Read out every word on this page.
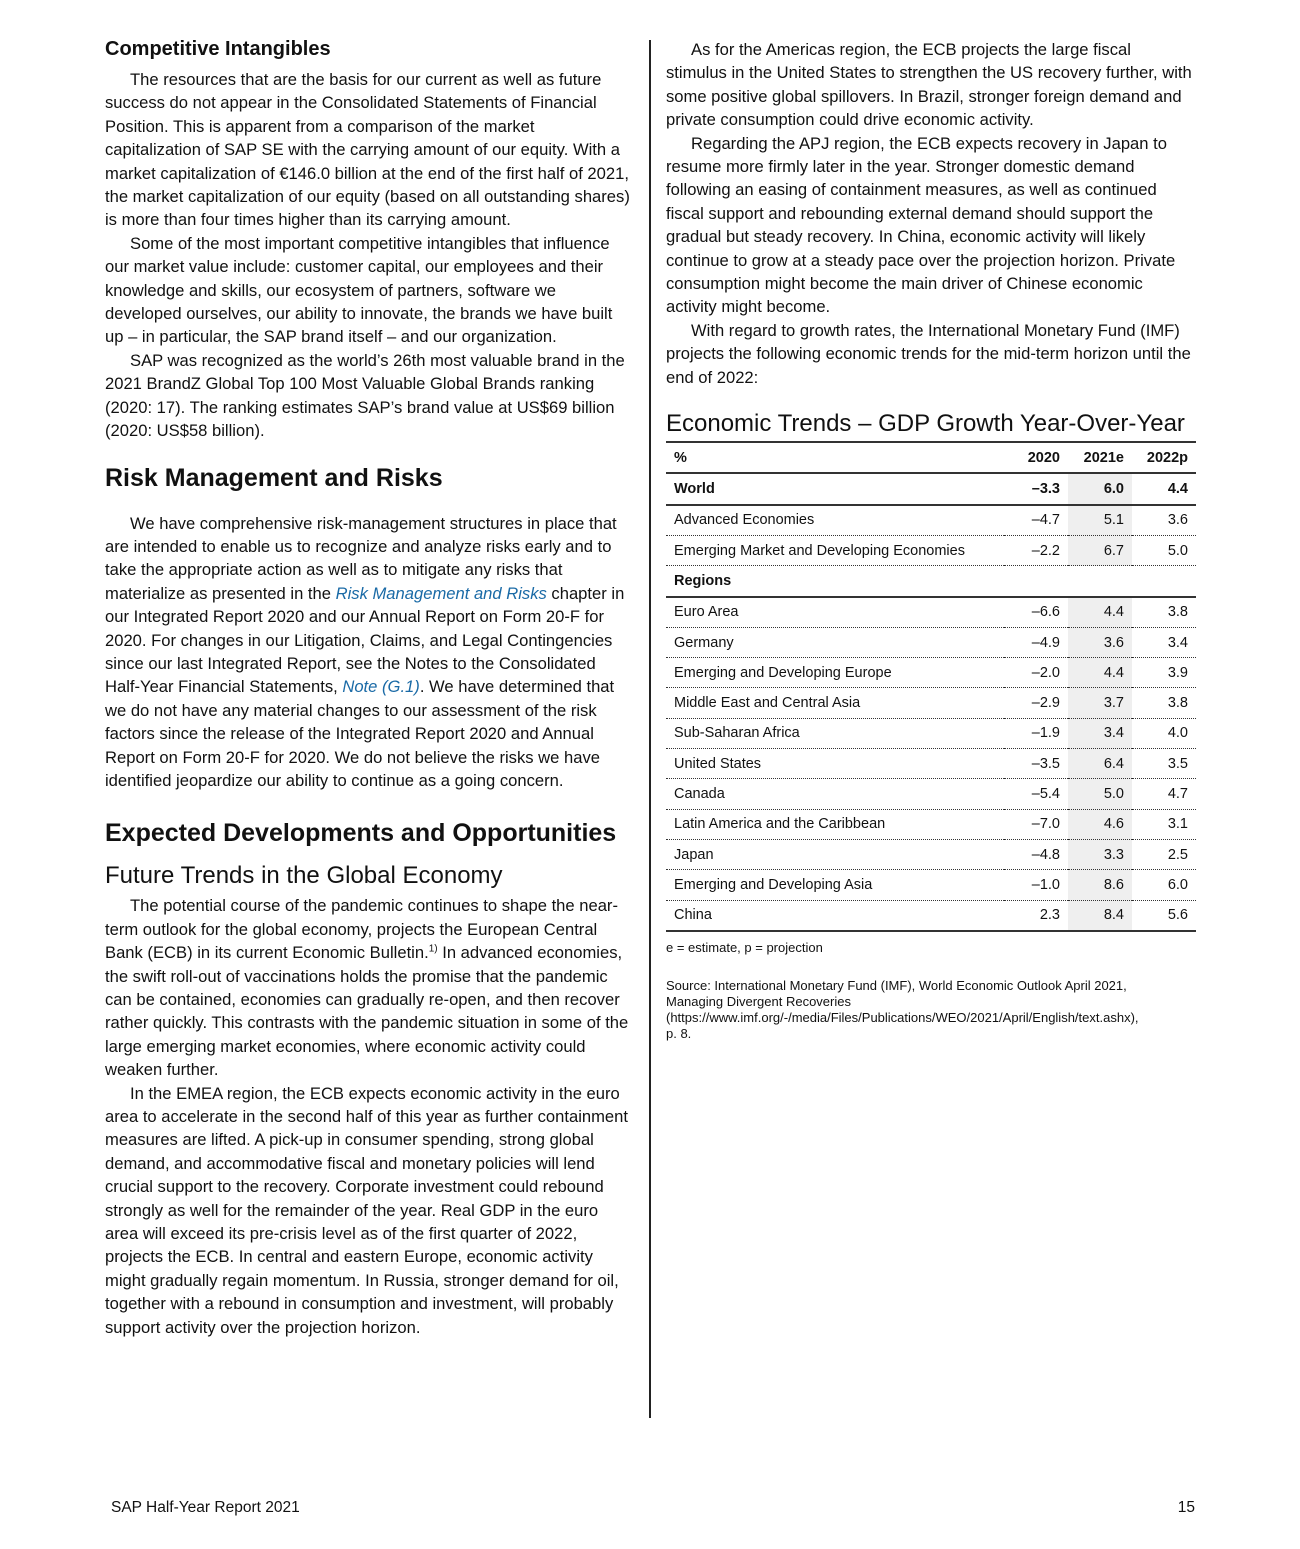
Competitive Intangibles

The resources that are the basis for our current as well as future success do not appear in the Consolidated Statements of Financial Position. This is apparent from a comparison of the market capitalization of SAP SE with the carrying amount of our equity. With a market capitalization of €146.0 billion at the end of the first half of 2021, the market capitalization of our equity (based on all outstanding shares) is more than four times higher than its carrying amount.

Some of the most important competitive intangibles that influence our market value include: customer capital, our employees and their knowledge and skills, our ecosystem of partners, software we developed ourselves, our ability to innovate, the brands we have built up – in particular, the SAP brand itself – and our organization.

SAP was recognized as the world’s 26th most valuable brand in the 2021 BrandZ Global Top 100 Most Valuable Global Brands ranking (2020: 17). The ranking estimates SAP’s brand value at US$69 billion (2020: US$58 billion).

Risk Management and Risks

We have comprehensive risk-management structures in place that are intended to enable us to recognize and analyze risks early and to take the appropriate action as well as to mitigate any risks that materialize as presented in the Risk Management and Risks chapter in our Integrated Report 2020 and our Annual Report on Form 20-F for 2020. For changes in our Litigation, Claims, and Legal Contingencies since our last Integrated Report, see the Notes to the Consolidated Half-Year Financial Statements, Note (G.1). We have determined that we do not have any material changes to our assessment of the risk factors since the release of the Integrated Report 2020 and Annual Report on Form 20-F for 2020. We do not believe the risks we have identified jeopardize our ability to continue as a going concern.

Expected Developments and Opportunities
Future Trends in the Global Economy

The potential course of the pandemic continues to shape the near-term outlook for the global economy, projects the European Central Bank (ECB) in its current Economic Bulletin.$^{1)}$ In advanced economies, the swift roll-out of vaccinations holds the promise that the pandemic can be contained, economies can gradually re-open, and then recover rather quickly. This contrasts with the pandemic situation in some of the large emerging market economies, where economic activity could weaken further.

In the EMEA region, the ECB expects economic activity in the euro area to accelerate in the second half of this year as further containment measures are lifted. A pick-up in consumer spending, strong global demand, and accommodative fiscal and monetary policies will lend crucial support to the recovery. Corporate investment could rebound strongly as well for the remainder of the year. Real GDP in the euro area will exceed its pre-crisis level as of the first quarter of 2022, projects the ECB. In central and eastern Europe, economic activity might gradually regain momentum. In Russia, stronger demand for oil, together with a rebound in consumption and investment, will probably support activity over the projection horizon.

As for the Americas region, the ECB projects the large fiscal stimulus in the United States to strengthen the US recovery further, with some positive global spillovers. In Brazil, stronger foreign demand and private consumption could drive economic activity.

Regarding the APJ region, the ECB expects recovery in Japan to resume more firmly later in the year. Stronger domestic demand following an easing of containment measures, as well as continued fiscal support and rebounding external demand should support the gradual but steady recovery. In China, economic activity will likely continue to grow at a steady pace over the projection horizon. Private consumption might become the main driver of Chinese economic activity might become.

With regard to growth rates, the International Monetary Fund (IMF) projects the following economic trends for the mid-term horizon until the end of 2022:

Economic Trends – GDP Growth Year-Over-Year
%	2020	2021e	2022p
World	–3.3	6.0	4.4
Advanced Economies	–4.7	5.1	3.6
Emerging Market and Developing Economies	–2.2	6.7	5.0
Regions			
Euro Area	–6.6	4.4	3.8
Germany	–4.9	3.6	3.4
Emerging and Developing Europe	–2.0	4.4	3.9
Middle East and Central Asia	–2.9	3.7	3.8
Sub-Saharan Africa	–1.9	3.4	4.0
United States	–3.5	6.4	3.5
Canada	–5.4	5.0	4.7
Latin America and the Caribbean	–7.0	4.6	3.1
Japan	–4.8	3.3	2.5
Emerging and Developing Asia	–1.0	8.6	6.0
China	2.3	8.4	5.6

e = estimate, p = projection

Source: International Monetary Fund (IMF), World Economic Outlook April 2021, Managing Divergent Recoveries (https://www.imf.org/-/media/Files/Publications/WEO/2021/April/English/text.ashx), p. 8.

SAP Half-Year Report 2021	15
